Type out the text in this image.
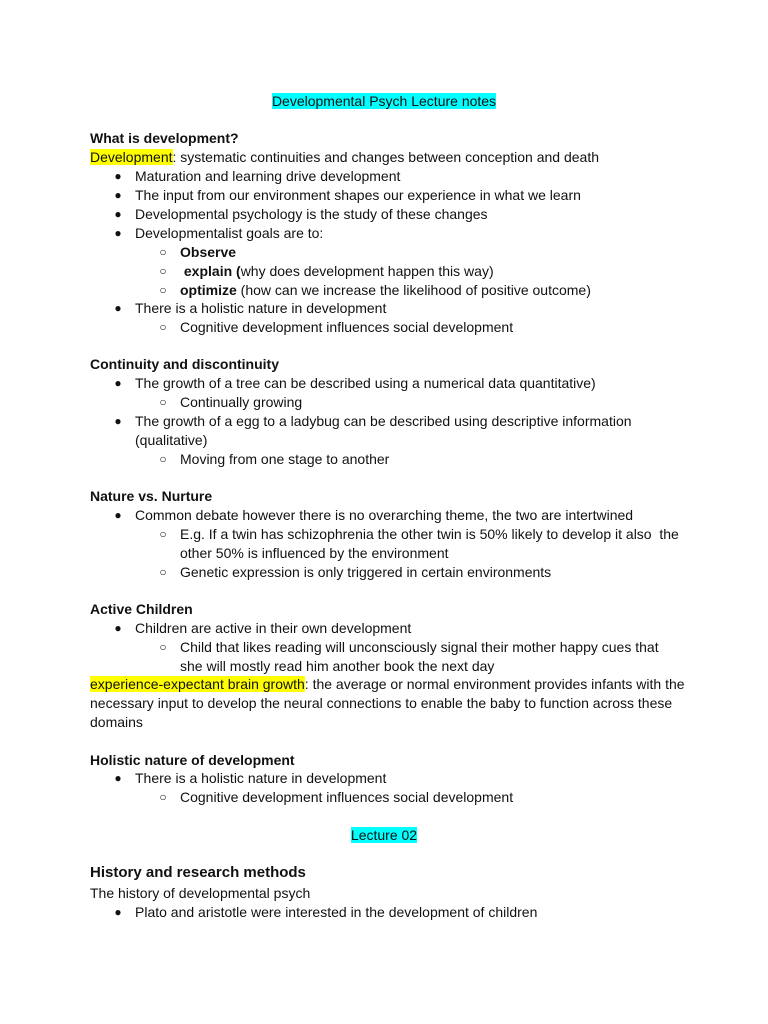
Developmental Psych Lecture notes
What is development?
Development: systematic continuities and changes between conception and death
● Maturation and learning drive development
● The input from our environment shapes our experience in what we learn
● Developmental psychology is the study of these changes
● Developmentalist goals are to:
○ Observe
○ explain (why does development happen this way)
○ optimize (how can we increase the likelihood of positive outcome)
● There is a holistic nature in development
○ Cognitive development influences social development
Continuity and discontinuity
● The growth of a tree can be described using a numerical data quantitative)
○ Continually growing
● The growth of a egg to a ladybug can be described using descriptive information
(qualitative)
○ Moving from one stage to another
Nature vs. Nurture
● Common debate however there is no overarching theme, the two are intertwined
○ E.g. If a twin has schizophrenia the other twin is 50% likely to develop it also  the
other 50% is influenced by the environment
○ Genetic expression is only triggered in certain environments
Active Children
● Children are active in their own development
○ Child that likes reading will unconsciously signal their mother happy cues that
she will mostly read him another book the next day
experience-expectant brain growth: the average or normal environment provides infants with the
necessary input to develop the neural connections to enable the baby to function across these
domains
Holistic nature of development
● There is a holistic nature in development
○ Cognitive development influences social development
Lecture 02
History and research methods
The history of developmental psych
● Plato and aristotle were interested in the development of children
